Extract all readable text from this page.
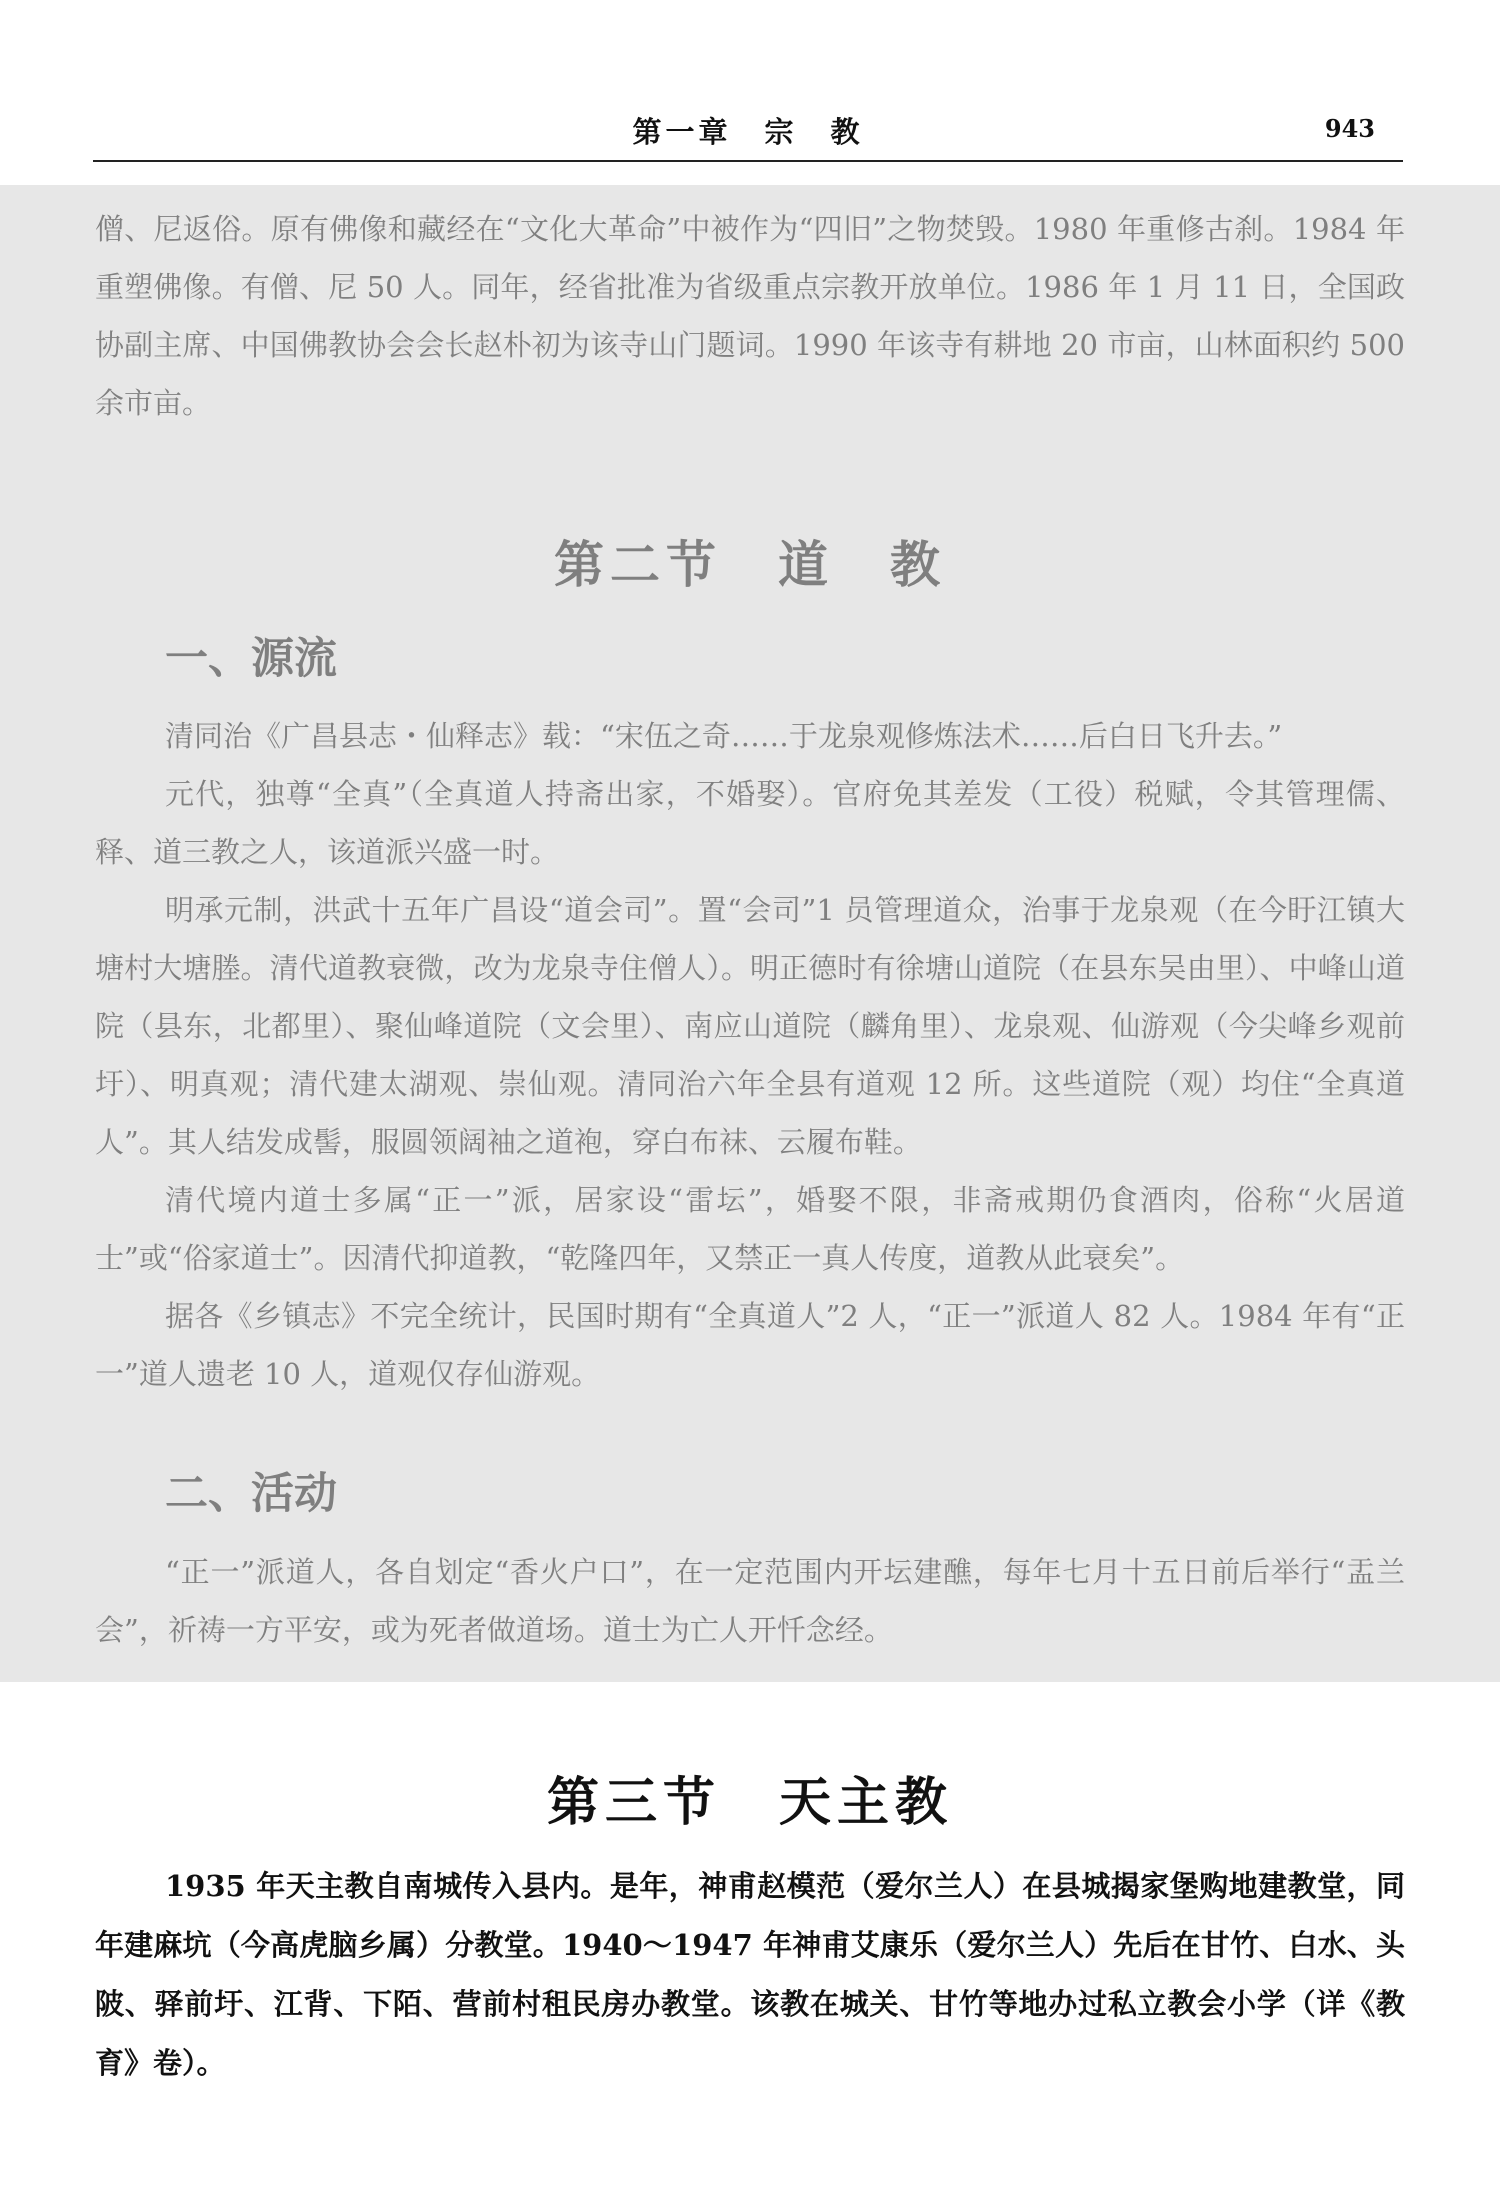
第一章　宗　教	943

僧、尼返俗。原有佛像和藏经在“文化大革命”中被作为“四旧”之物焚毁。1980 年重修古刹。1984 年重塑佛像。有僧、尼 50 人。同年，经省批准为省级重点宗教开放单位。1986 年 1 月 11 日，全国政协副主席、中国佛教协会会长赵朴初为该寺山门题词。1990 年该寺有耕地 20 市亩，山林面积约 500 余市亩。

第二节　道　教
一、源流

清同治《广昌县志・仙释志》载：“宋伍之奇……于龙泉观修炼法术……后白日飞升去。”

元代，独尊“全真”（全真道人持斋出家，不婚娶）。官府免其差发（工役）税赋，令其管理儒、释、道三教之人，该道派兴盛一时。

明承元制，洪武十五年广昌设“道会司”。置“会司”1 员管理道众，治事于龙泉观（在今盱江镇大塘村大塘塍。清代道教衰微，改为龙泉寺住僧人）。明正德时有徐塘山道院（在县东吴由里）、中峰山道院（县东，北都里）、聚仙峰道院（文会里）、南应山道院（麟角里）、龙泉观、仙游观（今尖峰乡观前圩）、明真观；清代建太湖观、崇仙观。清同治六年全县有道观 12 所。这些道院（观）均住“全真道人”。其人结发成髻，服圆领阔袖之道袍，穿白布袜、云履布鞋。

清代境内道士多属“正一”派，居家设“雷坛”，婚娶不限，非斋戒期仍食酒肉，俗称“火居道士”或“俗家道士”。因清代抑道教，“乾隆四年，又禁正一真人传度，道教从此衰矣”。

据各《乡镇志》不完全统计，民国时期有“全真道人”2 人，“正一”派道人 82 人。1984 年有“正一”道人遗老 10 人，道观仅存仙游观。

二、活动

“正一”派道人，各自划定“香火户口”，在一定范围内开坛建醮，每年七月十五日前后举行“盂兰会”，祈祷一方平安，或为死者做道场。道士为亡人开忏念经。

第三节　天主教

1935 年天主教自南城传入县内。是年，神甫赵模范（爱尔兰人）在县城揭家堡购地建教堂，同年建麻坑（今高虎脑乡属）分教堂。1940～1947 年神甫艾康乐（爱尔兰人）先后在甘竹、白水、头陂、驿前圩、江背、下陌、营前村租民房办教堂。该教在城关、甘竹等地办过私立教会小学（详《教育》卷）。
